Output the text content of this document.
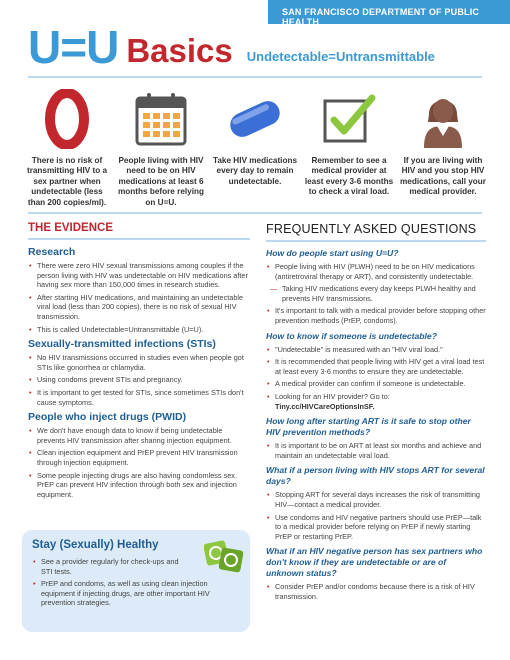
SAN FRANCISCO DEPARTMENT OF PUBLIC HEALTH
U=U Basics Undetectable=Untransmittable
There is no risk of transmitting HIV to a sex partner when undetectable (less than 200 copies/ml).
People living with HIV need to be on HIV medications at least 6 months before relying on U=U.
Take HIV medications every day to remain undetectable.
Remember to see a medical provider at least every 3-6 months to check a viral load.
If you are living with HIV and you stop HIV medications, call your medical provider.
THE EVIDENCE
Research
• There were zero HIV sexual transmissions among couples if the person living with HIV was undetectable on HIV medications after having sex more than 150,000 times in research studies.
• After starting HIV medications, and maintaining an undetectable viral load (less than 200 copies), there is no risk of sexual HIV transmission.
• This is called Undetectable=Untransmittable (U=U).
Sexually-transmitted infections (STIs)
• No HIV transmissions occurred in studies even when people got STIs like gonorrhea or chlamydia.
• Using condoms prevent STIs and pregnancy.
• It is important to get tested for STIs, since sometimes STIs don't cause symptoms.
People who inject drugs (PWID)
• We don't have enough data to know if being undetectable prevents HIV transmission after sharing injection equipment.
• Clean injection equipment and PrEP prevent HIV transmission through injection equipment.
• Some people injecting drugs are also having condomless sex. PrEP can prevent HIV infection through both sex and injection equipment.
Stay (Sexually) Healthy
• See a provider regularly for check-ups and STI tests.
• PrEP and condoms, as well as using clean injection equipment if injecting drugs, are other important HIV prevention strategies.
FREQUENTLY ASKED QUESTIONS
How do people start using U=U?
• People living with HIV (PLWH) need to be on HIV medications (antiretroviral therapy or ART), and consistently undetectable.
— Taking HIV medications every day keeps PLWH healthy and prevents HIV transmissions.
• It's important to talk with a medical provider before stopping other prevention methods (PrEP, condoms).
How to know if someone is undetectable?
• "Undetectable" is measured with an "HIV viral load."
• It is recommended that people living with HIV get a viral load test at least every 3-6 months to ensure they are undetectable.
• A medical provider can confirm if someone is undetectable.
• Looking for an HIV provider? Go to: Tiny.cc/HIVCareOptionsInSF.
How long after starting ART is it safe to stop other HIV prevention methods?
• It is important to be on ART at least six months and achieve and maintain an undetectable viral load.
What if a person living with HIV stops ART for several days?
• Stopping ART for several days increases the risk of transmitting HIV—contact a medical provider.
• Use condoms and HIV negative partners should use PrEP—talk to a medical provider before relying on PrEP if newly starting PrEP or restarting PrEP.
What if an HIV negative person has sex partners who don't know if they are undetectable or are of unknown status?
• Consider PrEP and/or condoms because there is a risk of HIV transmission.
